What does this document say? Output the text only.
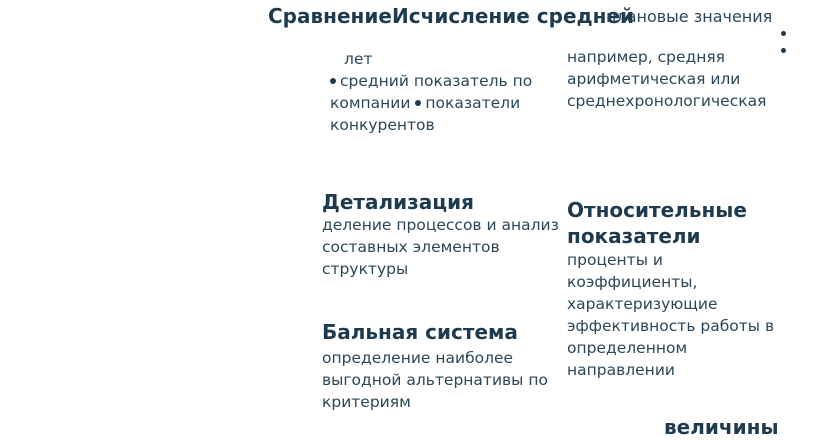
Сравнение Исчисление средней
плановые значения
лет
средний показатель по компании показатели конкурентов
например, средняя арифметическая или среднехронологическая
Детализация
деление процессов и анализ составных элементов структуры
Относительные показатели
проценты и коэффициенты, характеризующие эффективность работы в определенном направлении
Бальная система
определение наиболее выгодной альтернативы по критериям
величины
